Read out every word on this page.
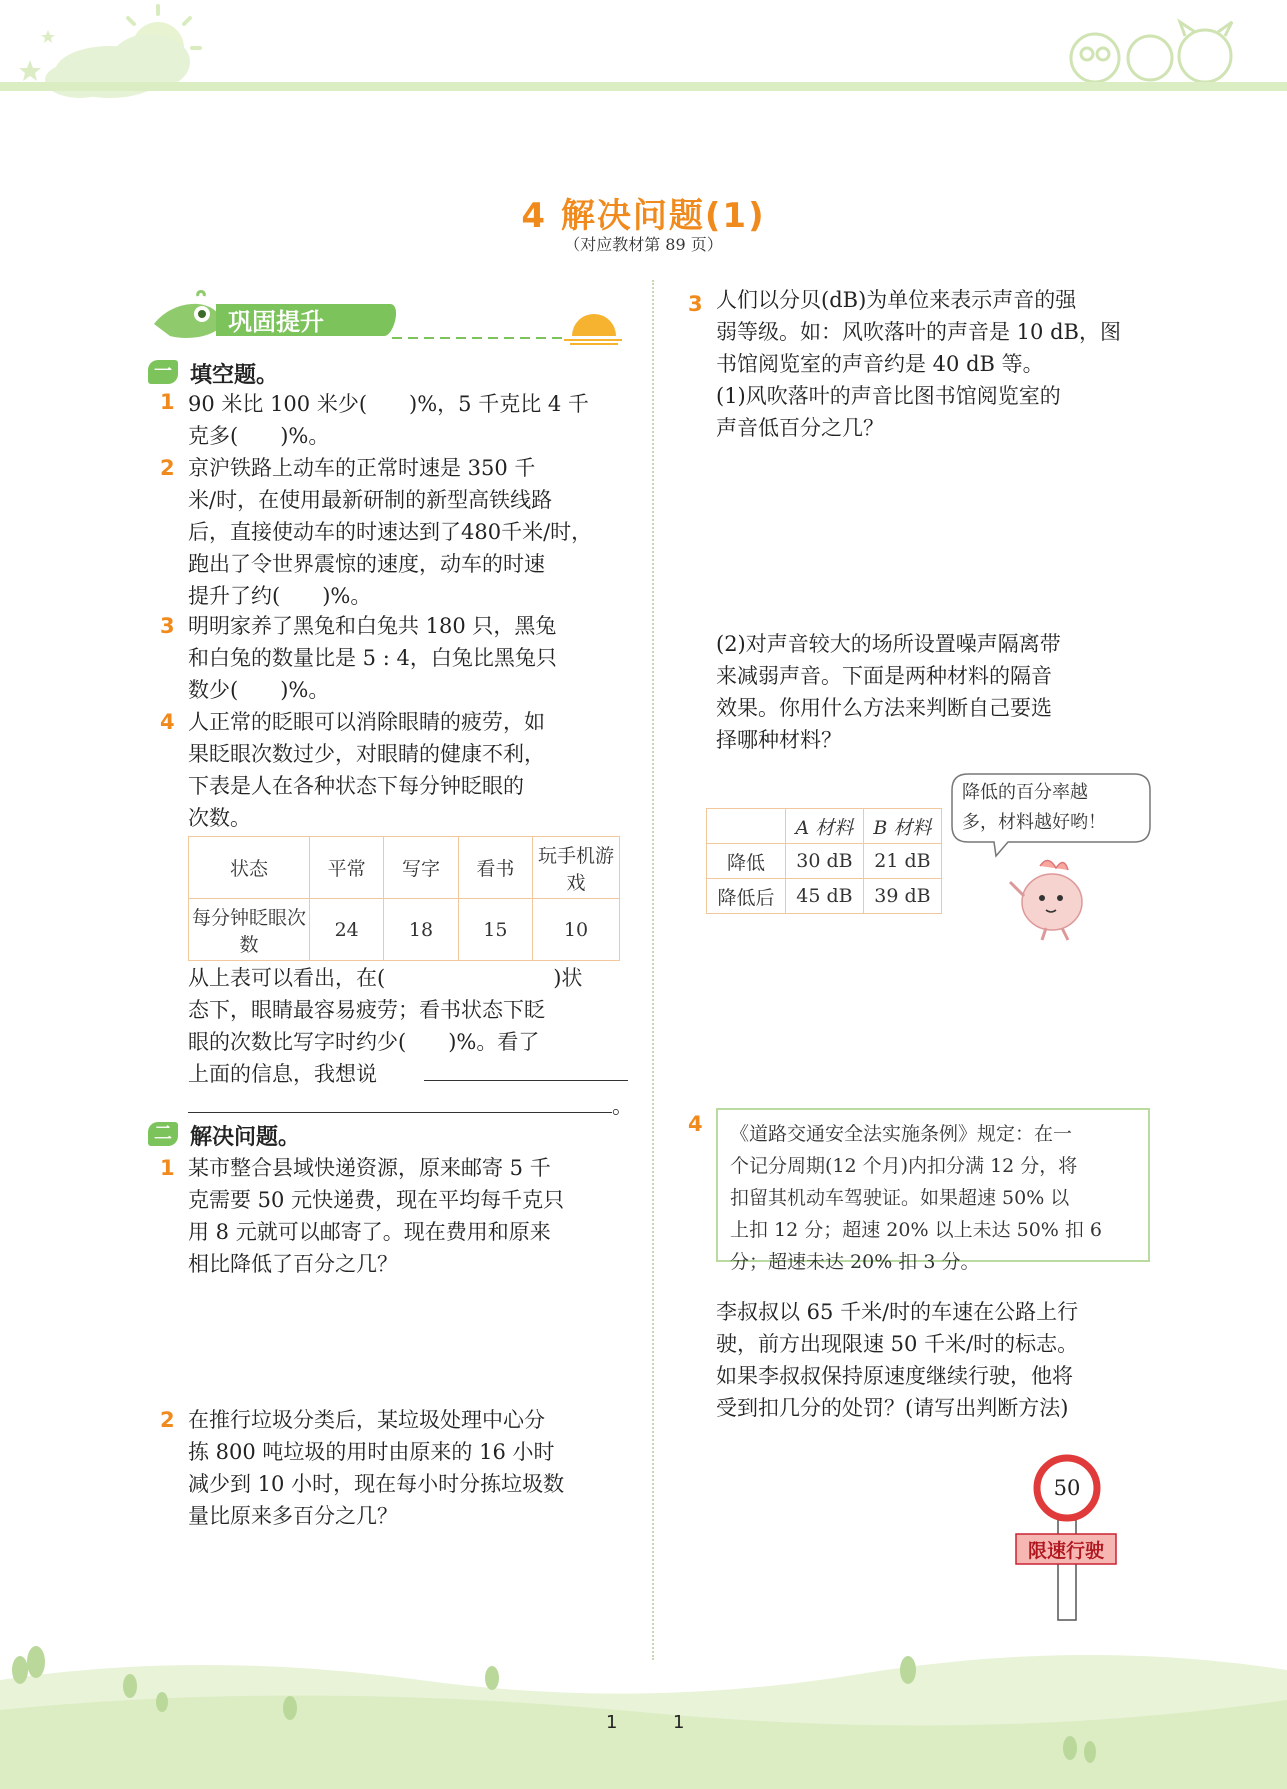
4 解决问题(1)
（对应教材第 89 页）
巩固提升
一 填空题。
1 90 米比 100 米少(　　)%，5 千克比 4 千
克多(　　)%。
2 京沪铁路上动车的正常时速是 350 千
米/时，在使用最新研制的新型高铁线路
后，直接使动车的时速达到了480千米/时，
跑出了令世界震惊的速度，动车的时速
提升了约(　　)%。
3 明明家养了黑兔和白兔共 180 只，黑兔
和白兔的数量比是 5 : 4，白兔比黑兔只
数少(　　)%。
4 人正常的眨眼可以消除眼睛的疲劳，如
果眨眼次数过少，对眼睛的健康不利，
下表是人在各种状态下每分钟眨眼的
次数。
状态	平常	写字	看书	玩手机游戏
每分钟眨眼次数	24	18	15	10
从上表可以看出，在(　　　　　　　　)状
态下，眼睛最容易疲劳；看书状态下眨
眼的次数比写字时约少(　　)%。看了
上面的信息，我想说
。
二 解决问题。
1 某市整合县域快递资源，原来邮寄 5 千
克需要 50 元快递费，现在平均每千克只
用 8 元就可以邮寄了。现在费用和原来
相比降低了百分之几？
2 在推行垃圾分类后，某垃圾处理中心分
拣 800 吨垃圾的用时由原来的 16 小时
减少到 10 小时，现在每小时分拣垃圾数
量比原来多百分之几？
3 人们以分贝(dB)为单位来表示声音的强
弱等级。如：风吹落叶的声音是 10 dB，图
书馆阅览室的声音约是 40 dB 等。
(1)风吹落叶的声音比图书馆阅览室的
声音低百分之几？
(2)对声音较大的场所设置噪声隔离带
来减弱声音。下面是两种材料的隔音
效果。你用什么方法来判断自己要选
择哪种材料？
	A 材料	B 材料
降低	30 dB	21 dB
降低后	45 dB	39 dB
降低的百分率越
多，材料越好哟！
4 《道路交通安全法实施条例》规定：在一
个记分周期(12 个月)内扣分满 12 分，将
扣留其机动车驾驶证。如果超速 50% 以
上扣 12 分；超速 20% 以上未达 50% 扣 6
分；超速未达 20% 扣 3 分。
李叔叔以 65 千米/时的车速在公路上行
驶，前方出现限速 50 千米/时的标志。
如果李叔叔保持原速度继续行驶，他将
受到扣几分的处罚？(请写出判断方法)
50
限速行驶
1	1
